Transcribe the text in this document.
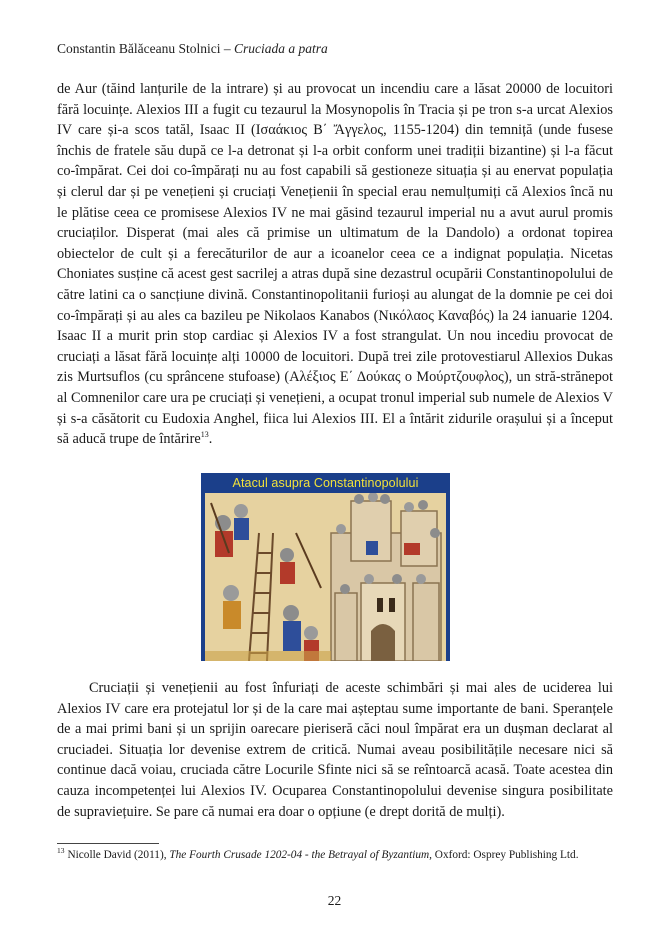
Constantin Bălăceanu Stolnici – Cruciada a patra
de Aur (tăind lanțurile de la intrare) și au provocat un incendiu care a lăsat 20000 de locuitori fără locuințe. Alexios III a fugit cu tezaurul la Mosynopolis în Tracia și pe tron s-a urcat Alexios IV care și-a scos tatăl, Isaac II (Ισαάκιος Β΄ Ἄγγελος, 1155-1204) din temniță (unde fusese închis de fratele său după ce l-a detronat și l-a orbit conform unei tradiții bizantine) și l-a făcut co-împărat. Cei doi co-împărați nu au fost capabili să gestioneze situația și au enervat populația și clerul dar și pe venețieni și cruciați Venețienii în special erau nemulțumiți că Alexios încă nu le plătise ceea ce promisese Alexios IV ne mai găsind tezaurul imperial nu a avut aurul promis cruciaților. Disperat (mai ales că primise un ultimatum de la Dandolo) a ordonat topirea obiectelor de cult și a ferecăturilor de aur a icoanelor ceea ce a indignat populația. Nicetas Choniates susține că acest gest sacrilej a atras după sine dezastrul ocupării Constantinopolului de către latini ca o sancțiune divină. Constantinopolitanii furioși au alungat de la domnie pe cei doi co-împărați și au ales ca bazileu pe Nikolaos Kanabos (Νικόλαος Καναβός) la 24 ianuarie 1204. Isaac II a murit prin stop cardiac și Alexios IV a fost strangulat. Un nou incediu provocat de cruciați a lăsat fără locuințe alți 10000 de locuitori. După trei zile protovestiarul Allexios Dukas zis Murtsuflos (cu sprâncene stufoase) (Αλέξιος Ε΄ Δούκας ο Μούρτζουφλος), un stră-strănepot al Comnenilor care ura pe cruciați și venețieni, a ocupat tronul imperial sub numele de Alexios V și s-a căsătorit cu Eudoxia Anghel, fiica lui Alexios III. El a întărit zidurile orașului și a început să aducă trupe de întărire$^{13}$.
Atacul asupra Constantinopolului
Cruciații și venețienii au fost înfuriați de aceste schimbări și mai ales de uciderea lui Alexios IV care era protejatul lor și de la care mai așteptau sume importante de bani. Speranțele de a mai primi bani și un sprijin oarecare pieriseră căci noul împărat era un dușman declarat al cruciadei. Situația lor devenise extrem de critică. Numai aveau posibilitățile necesare nici să continue dacă voiau, cruciada către Locurile Sfinte nici să se reîntoarcă acasă. Toate acestea din cauza incompetenței lui Alexios IV. Ocuparea Constantinopolului devenise singura posibilitate de supraviețuire. Se pare că numai era doar o opțiune (e drept dorită de mulți).
$^{13}$ Nicolle David (2011), The Fourth Crusade 1202-04 - the Betrayal of Byzantium, Oxford: Osprey Publishing Ltd.
22
